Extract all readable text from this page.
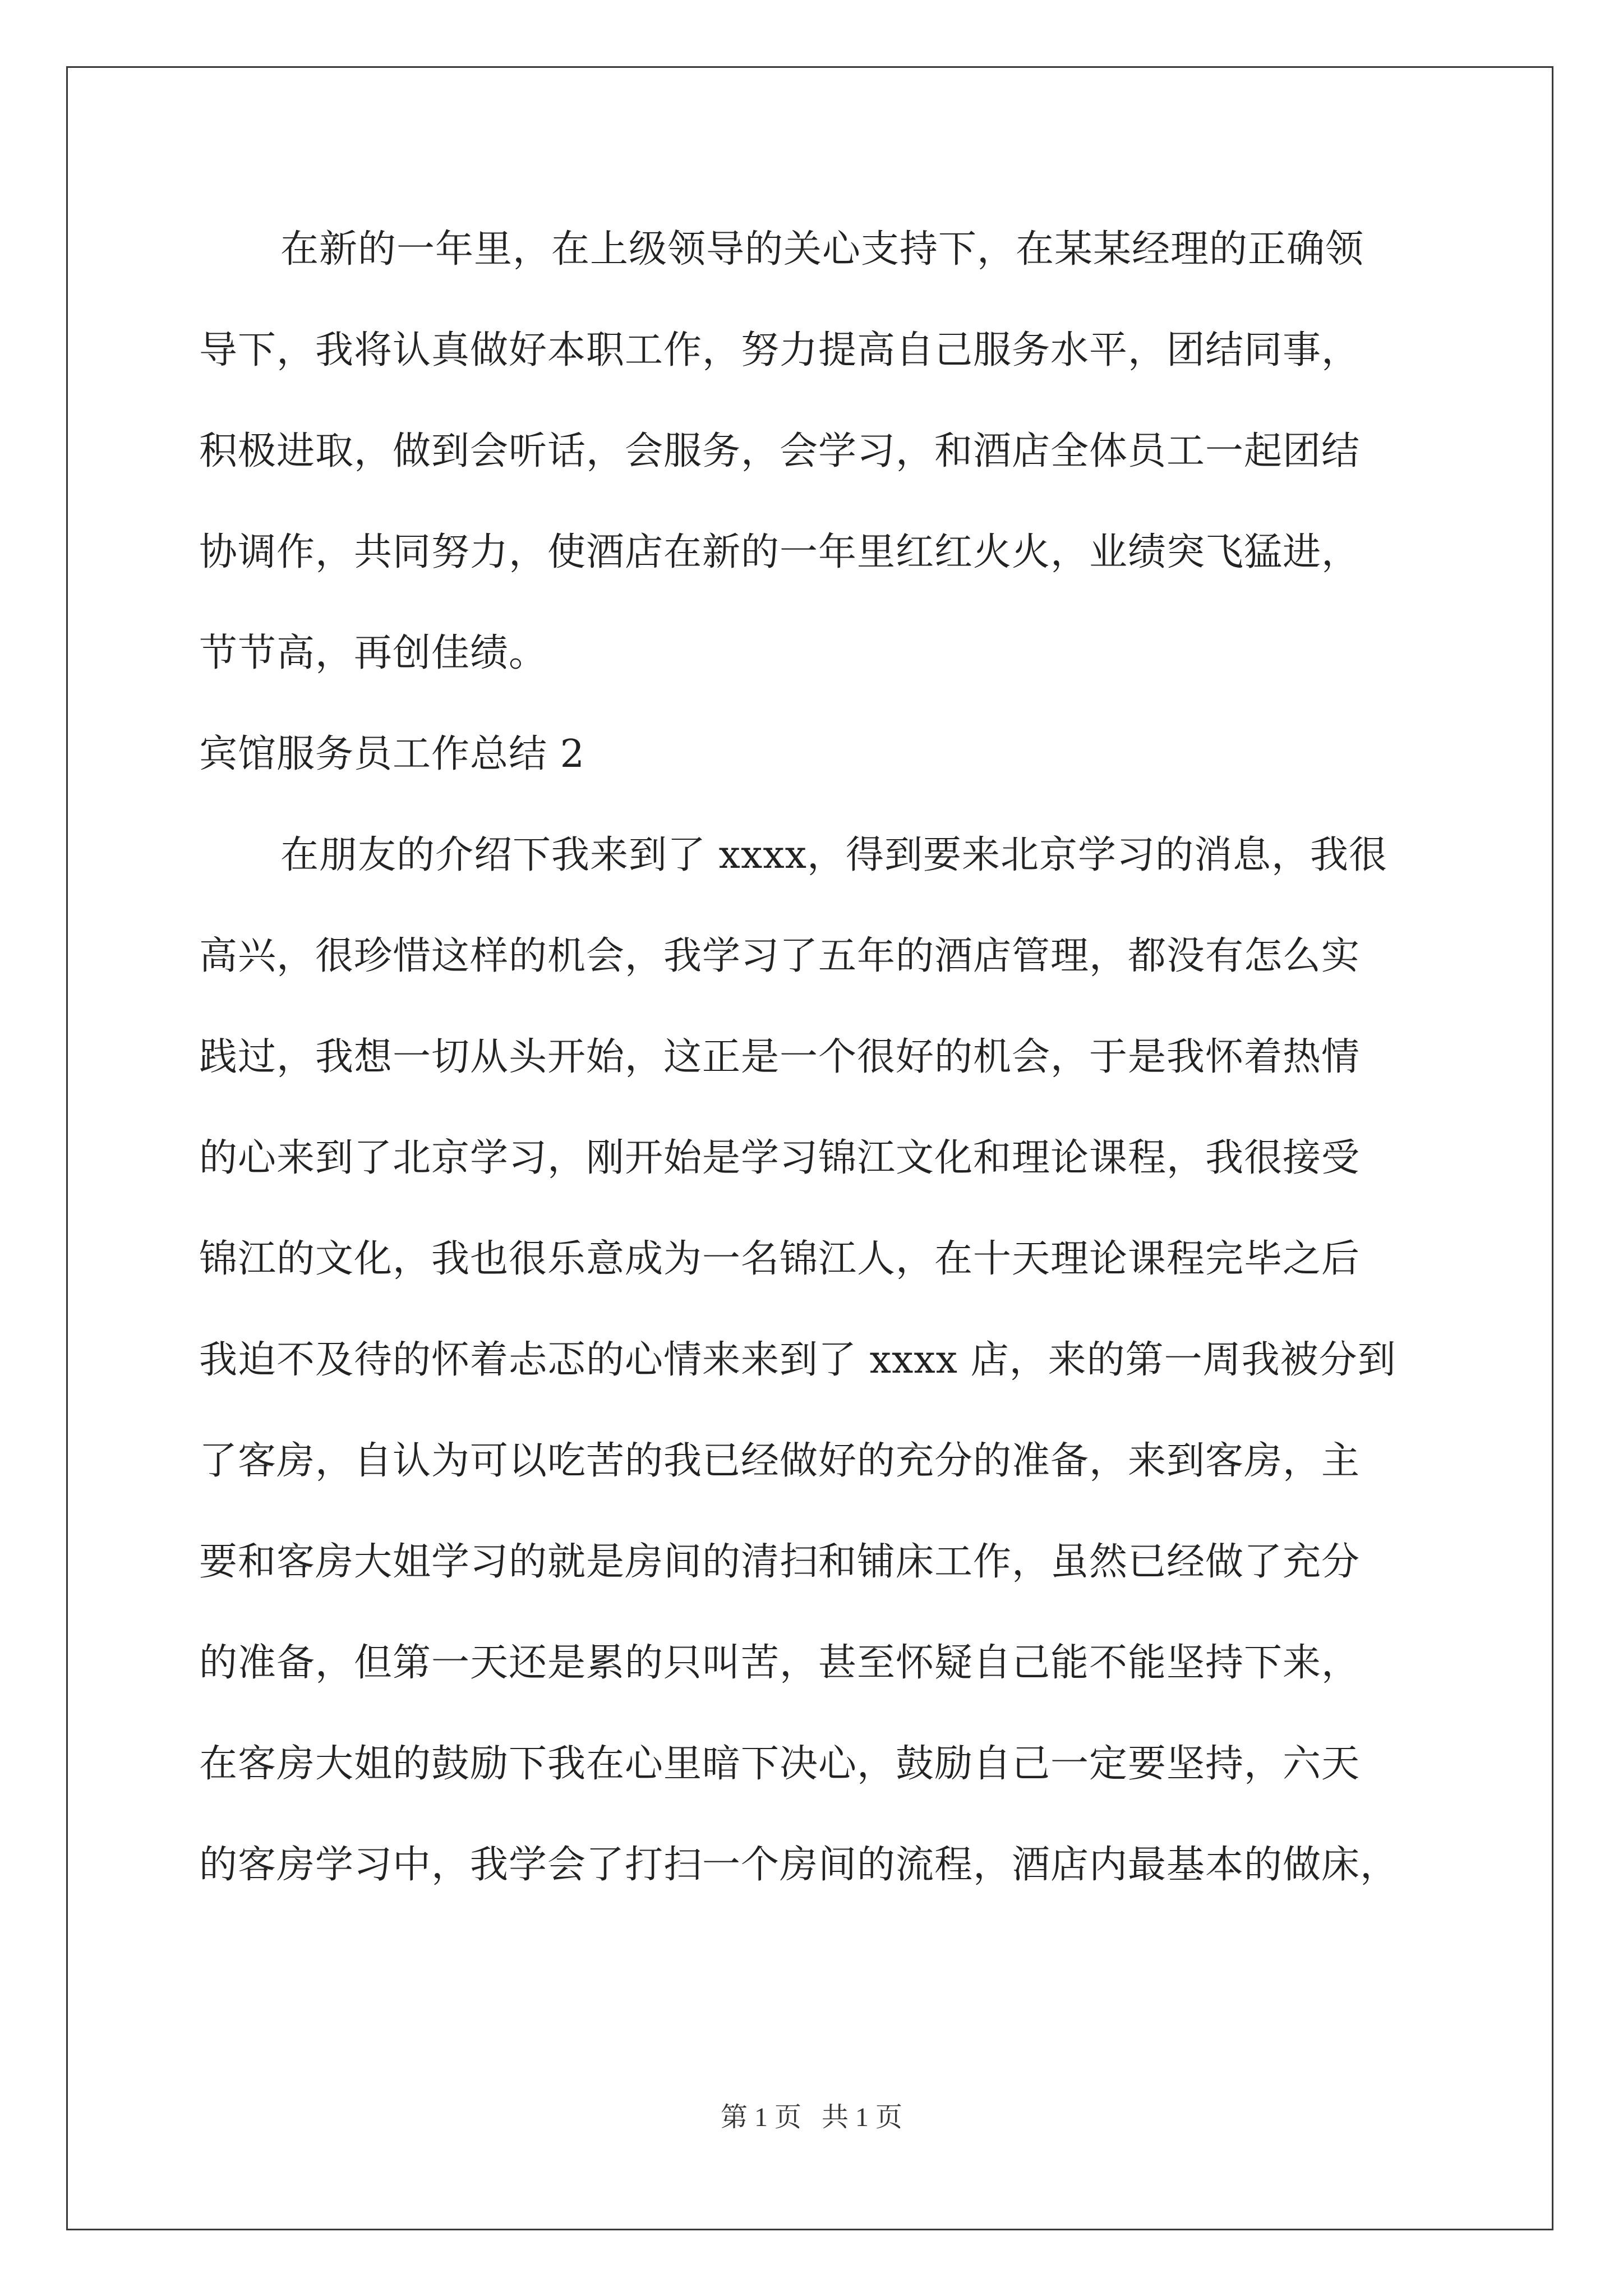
在新的一年里，在上级领导的关心支持下，在某某经理的正确领
导下，我将认真做好本职工作，努力提高自己服务水平，团结同事，
积极进取，做到会听话，会服务，会学习，和酒店全体员工一起团结
协调作，共同努力，使酒店在新的一年里红红火火，业绩突飞猛进，
节节高，再创佳绩。
宾馆服务员工作总结 2
在朋友的介绍下我来到了 xxxx，得到要来北京学习的消息，我很
高兴，很珍惜这样的机会，我学习了五年的酒店管理，都没有怎么实
践过，我想一切从头开始，这正是一个很好的机会，于是我怀着热情
的心来到了北京学习，刚开始是学习锦江文化和理论课程，我很接受
锦江的文化，我也很乐意成为一名锦江人，在十天理论课程完毕之后
我迫不及待的怀着忐忑的心情来来到了 xxxx 店，来的第一周我被分到
了客房，自认为可以吃苦的我已经做好的充分的准备，来到客房，主
要和客房大姐学习的就是房间的清扫和铺床工作，虽然已经做了充分
的准备，但第一天还是累的只叫苦，甚至怀疑自己能不能坚持下来，
在客房大姐的鼓励下我在心里暗下决心，鼓励自己一定要坚持，六天
的客房学习中，我学会了打扫一个房间的流程，酒店内最基本的做床，
第 1 页   共 1 页
